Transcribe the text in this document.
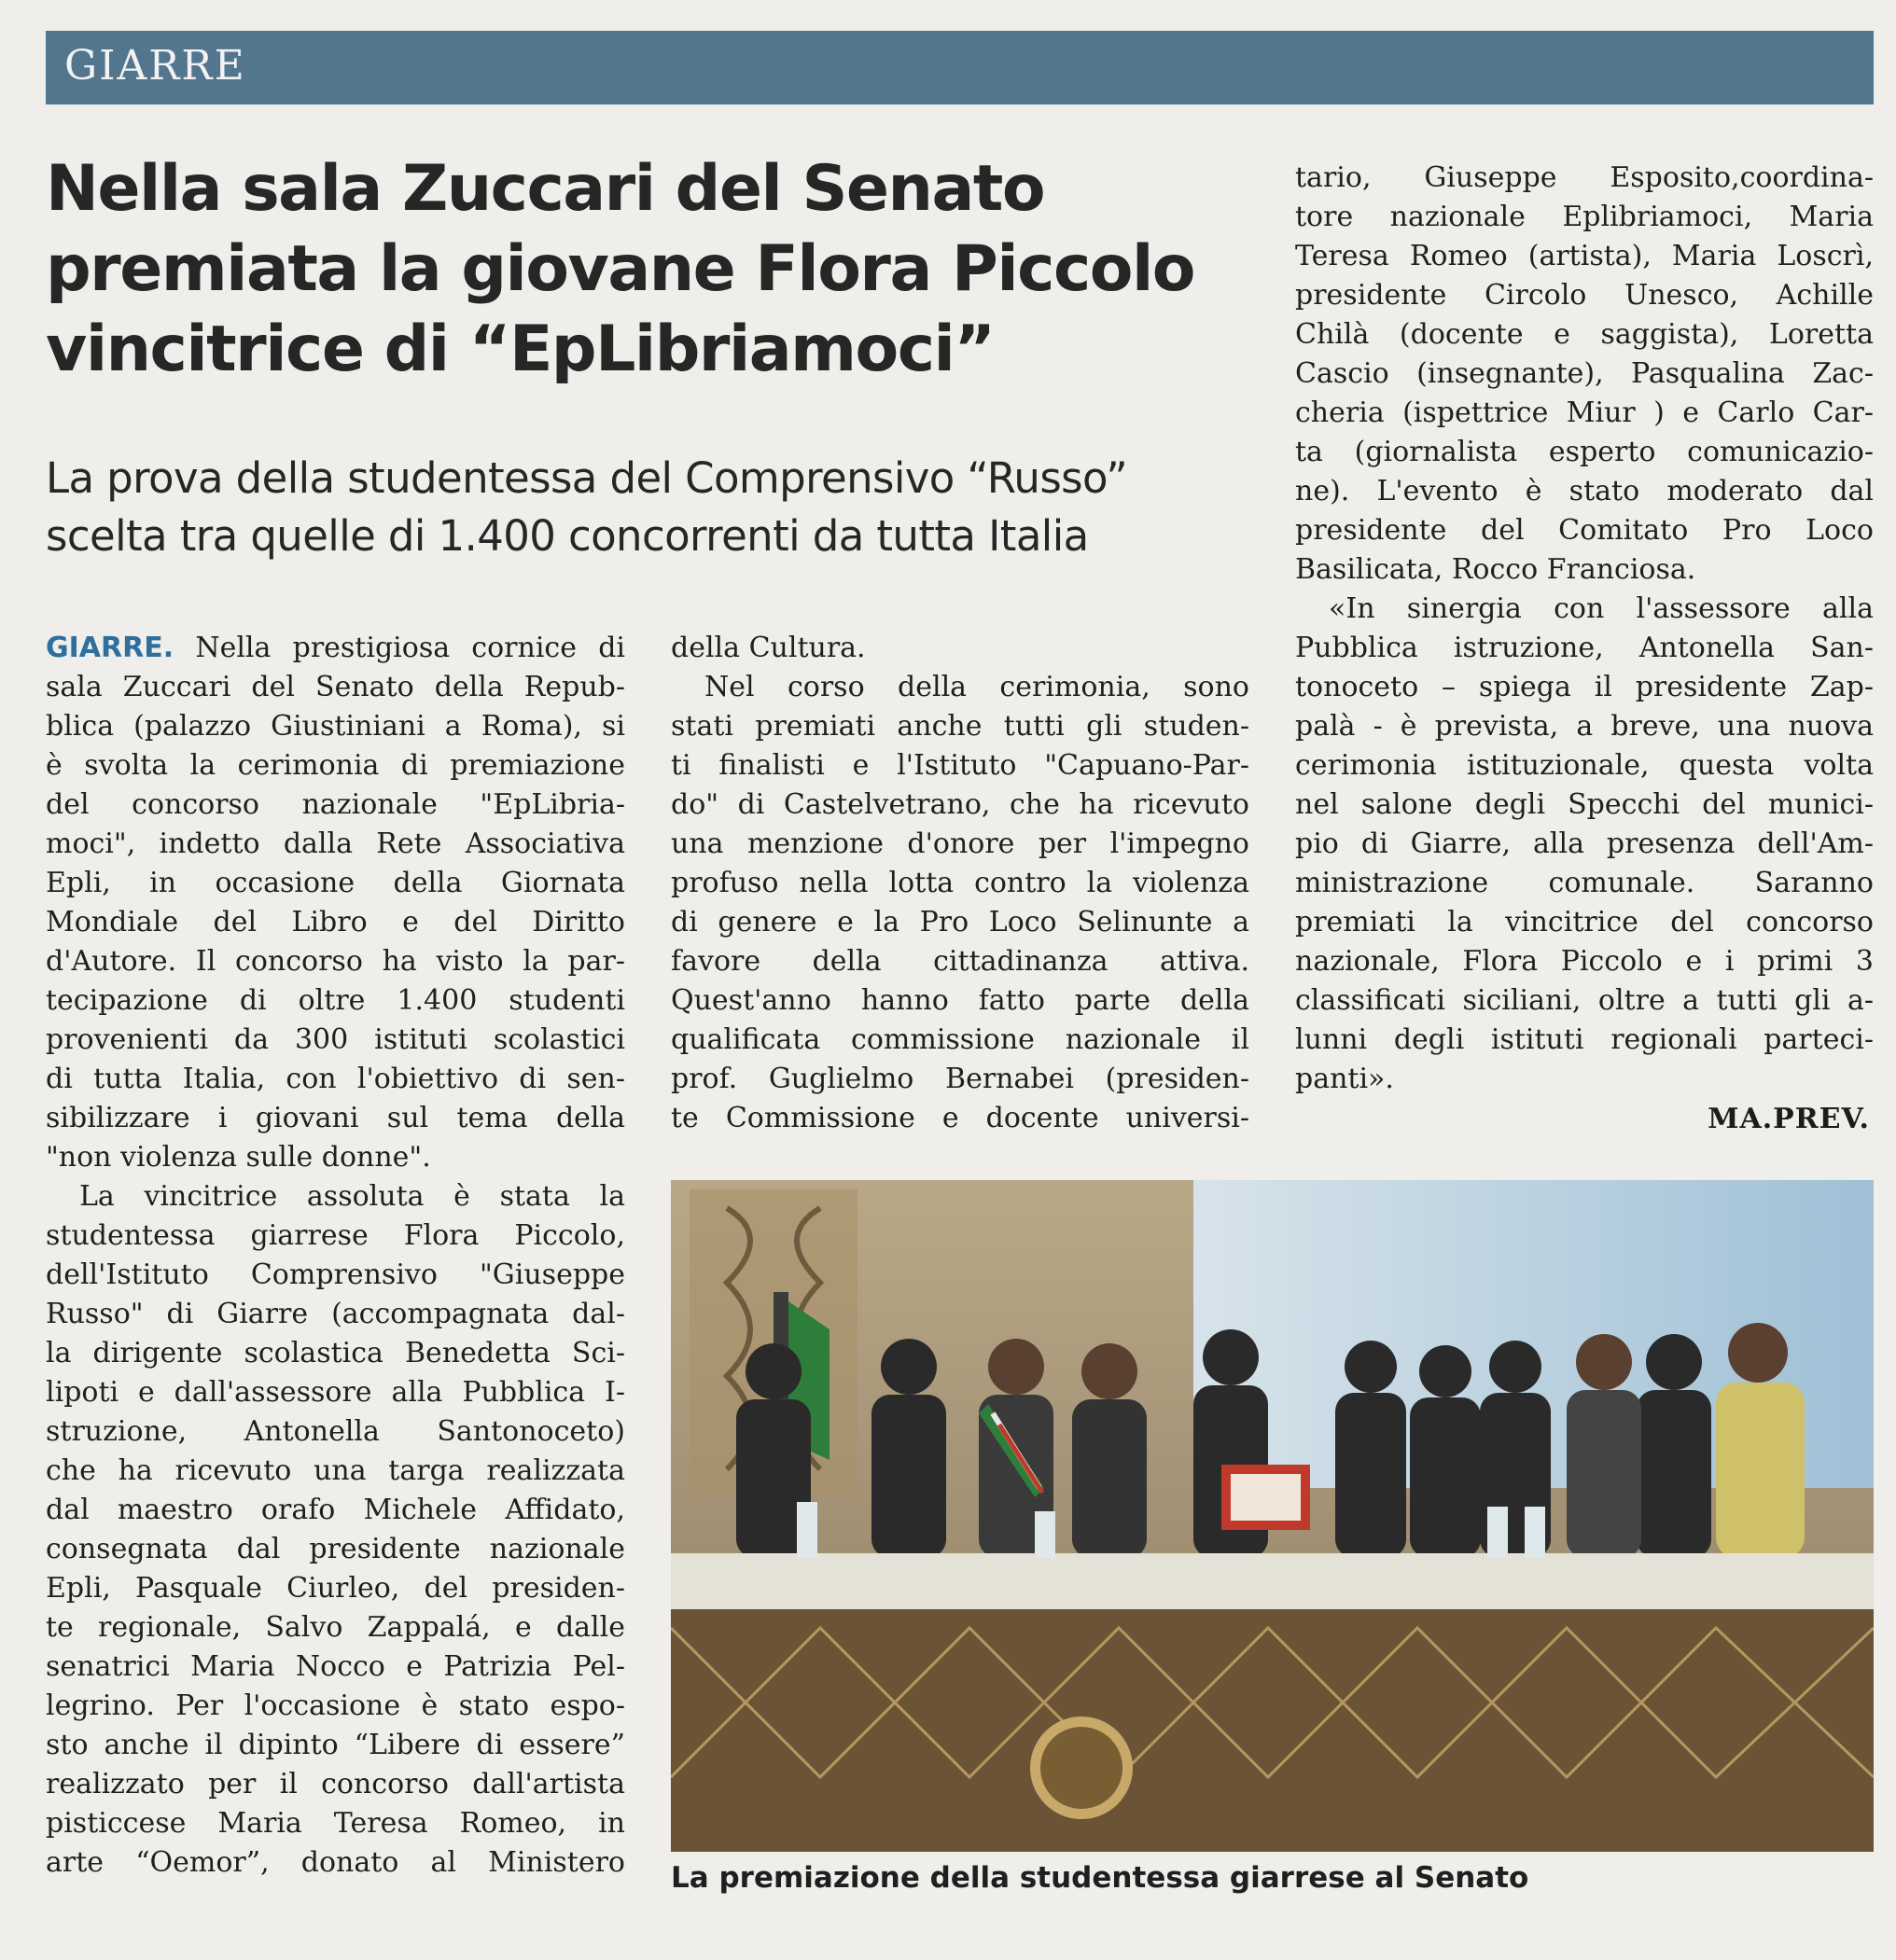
GIARRE
Nella sala Zuccari del Senato
premiata la giovane Flora Piccolo
vincitrice di “EpLibriamoci”
La prova della studentessa del Comprensivo “Russo”
scelta tra quelle di 1.400 concorrenti da tutta Italia
GIARRE. Nella prestigiosa cornice di
sala Zuccari del Senato della Repub-
blica (palazzo Giustiniani a Roma), si
è svolta la cerimonia di premiazione
del concorso nazionale "EpLibria-
moci", indetto dalla Rete Associativa
Epli, in occasione della Giornata
Mondiale del Libro e del Diritto
d'Autore. Il concorso ha visto la par-
tecipazione di oltre 1.400 studenti
provenienti da 300 istituti scolastici
di tutta Italia, con l'obiettivo di sen-
sibilizzare i giovani sul tema della
"non violenza sulle donne".
La vincitrice assoluta è stata la
studentessa giarrese Flora Piccolo,
dell'Istituto Comprensivo "Giuseppe
Russo" di Giarre (accompagnata dal-
la dirigente scolastica Benedetta Sci-
lipoti e dall'assessore alla Pubblica I-
struzione, Antonella Santonoceto)
che ha ricevuto una targa realizzata
dal maestro orafo Michele Affidato,
consegnata dal presidente nazionale
Epli, Pasquale Ciurleo, del presiden-
te regionale, Salvo Zappalá, e dalle
senatrici Maria Nocco e Patrizia Pel-
legrino. Per l'occasione è stato espo-
sto anche il dipinto “Libere di essere”
realizzato per il concorso dall'artista
pisticcese Maria Teresa Romeo, in
arte “Oemor”, donato al Ministero
della Cultura.
Nel corso della cerimonia, sono
stati premiati anche tutti gli studen-
ti finalisti e l'Istituto "Capuano-Par-
do" di Castelvetrano, che ha ricevuto
una menzione d'onore per l'impegno
profuso nella lotta contro la violenza
di genere e la Pro Loco Selinunte a
favore della cittadinanza attiva.
Quest'anno hanno fatto parte della
qualificata commissione nazionale il
prof. Guglielmo Bernabei (presiden-
te Commissione e docente universi-
tario, Giuseppe Esposito,coordina-
tore nazionale Eplibriamoci, Maria
Teresa Romeo (artista), Maria Loscrì,
presidente Circolo Unesco, Achille
Chilà (docente e saggista), Loretta
Cascio (insegnante), Pasqualina Zac-
cheria (ispettrice Miur ) e Carlo Car-
ta (giornalista esperto comunicazio-
ne). L'evento è stato moderato dal
presidente del Comitato Pro Loco
Basilicata, Rocco Franciosa.
«In sinergia con l'assessore alla
Pubblica istruzione, Antonella San-
tonoceto – spiega il presidente Zap-
palà - è prevista, a breve, una nuova
cerimonia istituzionale, questa volta
nel salone degli Specchi del munici-
pio di Giarre, alla presenza dell'Am-
ministrazione comunale. Saranno
premiati la vincitrice del concorso
nazionale, Flora Piccolo e i primi 3
classificati siciliani, oltre a tutti gli a-
lunni degli istituti regionali parteci-
panti».
MA.PREV.
La premiazione della studentessa giarrese al Senato
